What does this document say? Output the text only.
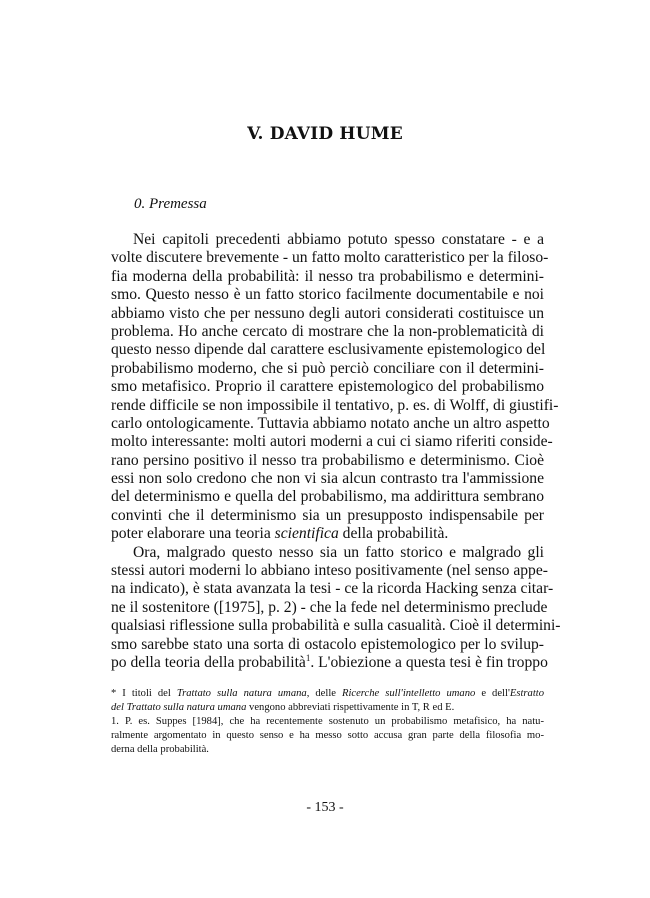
V. DAVID HUME
0. Premessa
Nei capitoli precedenti abbiamo potuto spesso constatare - e a
volte discutere brevemente - un fatto molto caratteristico per la filoso-
fia moderna della probabilità: il nesso tra probabilismo e determini-
smo. Questo nesso è un fatto storico facilmente documentabile e noi
abbiamo visto che per nessuno degli autori considerati costituisce un
problema. Ho anche cercato di mostrare che la non-problematicità di
questo nesso dipende dal carattere esclusivamente epistemologico del
probabilismo moderno, che si può perciò conciliare con il determini-
smo metafisico. Proprio il carattere epistemologico del probabilismo
rende difficile se non impossibile il tentativo, p. es. di Wolff, di giustifi-
carlo ontologicamente. Tuttavia abbiamo notato anche un altro aspetto
molto interessante: molti autori moderni a cui ci siamo riferiti conside-
rano persino positivo il nesso tra probabilismo e determinismo. Cioè
essi non solo credono che non vi sia alcun contrasto tra l'ammissione
del determinismo e quella del probabilismo, ma addirittura sembrano
convinti che il determinismo sia un presupposto indispensabile per
poter elaborare una teoria scientifica della probabilità.
Ora, malgrado questo nesso sia un fatto storico e malgrado gli
stessi autori moderni lo abbiano inteso positivamente (nel senso appe-
na indicato), è stata avanzata la tesi - ce la ricorda Hacking senza citar-
ne il sostenitore ([1975], p. 2) - che la fede nel determinismo preclude
qualsiasi riflessione sulla probabilità e sulla casualità. Cioè il determini-
smo sarebbe stato una sorta di ostacolo epistemologico per lo svilup-
po della teoria della probabilità$^1$. L'obiezione a questa tesi è fin troppo
* I titoli del Trattato sulla natura umana, delle Ricerche sull'intelletto umano e dell'Estratto
del Trattato sulla natura umana vengono abbreviati rispettivamente in T, R ed E.
1. P. es. Suppes [1984], che ha recentemente sostenuto un probabilismo metafisico, ha natu-
ralmente argomentato in questo senso e ha messo sotto accusa gran parte della filosofia mo-
derna della probabilità.
- 153 -
